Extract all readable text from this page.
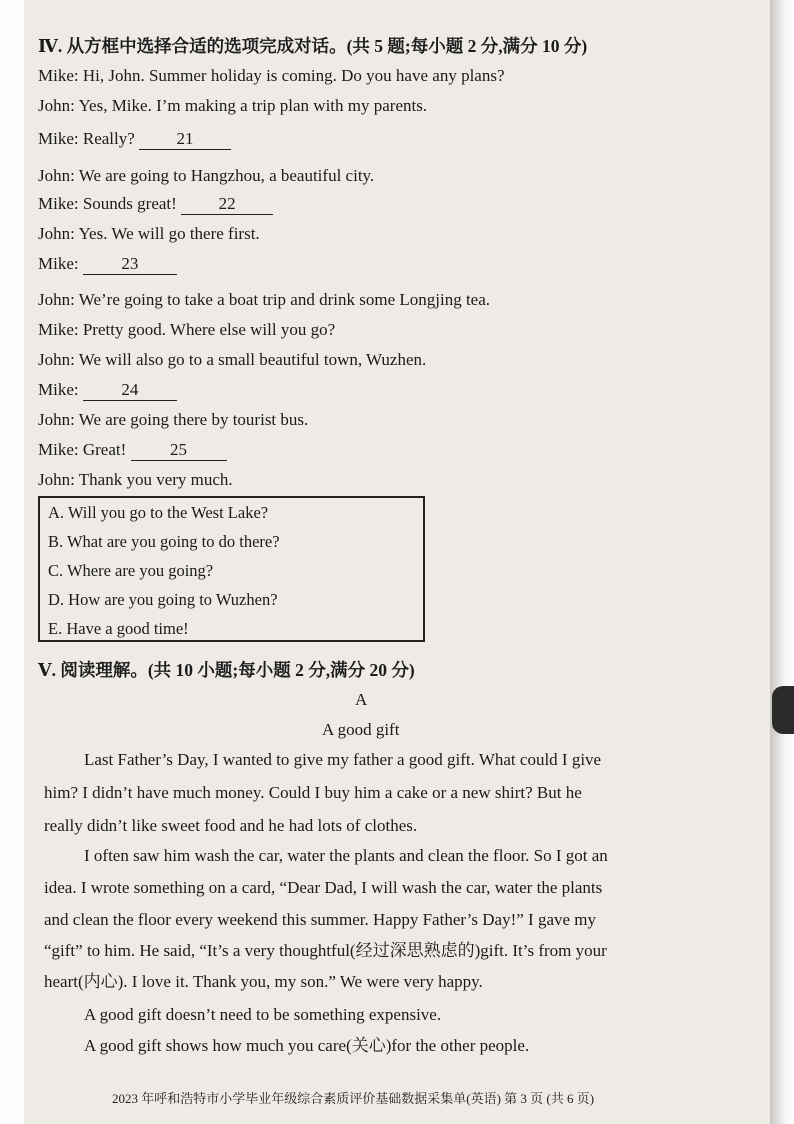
Ⅳ. 从方框中选择合适的选项完成对话。(共 5 题;每小题 2 分,满分 10 分)
Mike: Hi, John. Summer holiday is coming. Do you have any plans?
John: Yes, Mike. I’m making a trip plan with my parents.
Mike: Really? 21
John: We are going to Hangzhou, a beautiful city.
Mike: Sounds great! 22
John: Yes. We will go there first.
Mike:	23
John: We’re going to take a boat trip and drink some Longjing tea.
Mike: Pretty good. Where else will you go?
John: We will also go to a small beautiful town, Wuzhen.
Mike:	24
John: We are going there by tourist bus.
Mike: Great!	25
John: Thank you very much.
A. Will you go to the West Lake?
B. What are you going to do there?
C. Where are you going?
D. How are you going to Wuzhen?
E. Have a good time!
Ⅴ. 阅读理解。(共 10 小题;每小题 2 分,满分 20 分)
A
A good gift
Last Father’s Day, I wanted to give my father a good gift. What could I give
him? I didn’t have much money. Could I buy him a cake or a new shirt? But he
really didn’t like sweet food and he had lots of clothes.
I often saw him wash the car, water the plants and clean the floor. So I got an
idea. I wrote something on a card, “Dear Dad, I will wash the car, water the plants
and clean the floor every weekend this summer. Happy Father’s Day!” I gave my
“gift” to him. He said, “It’s a very thoughtful(经过深思熟虑的)gift. It’s from your
heart(内心). I love it. Thank you, my son.” We were very happy.
A good gift doesn’t need to be something expensive.
A good gift shows how much you care(关心)for the other people.
2023 年呼和浩特市小学毕业年级综合素质评价基础数据采集单(英语) 第 3 页 (共 6 页)
